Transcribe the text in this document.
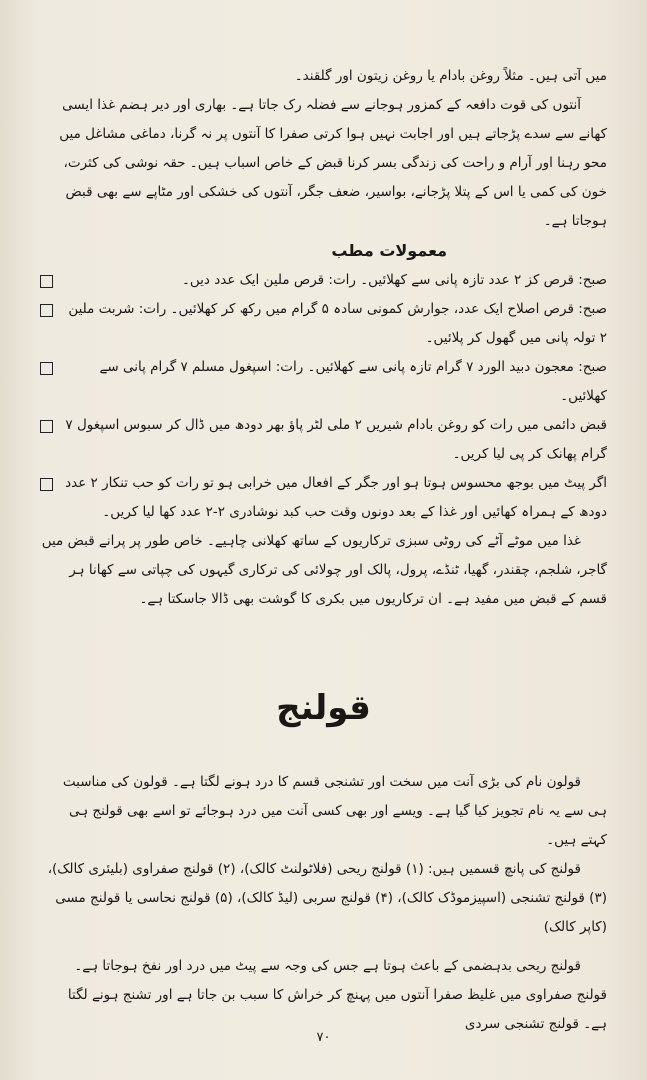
میں آتی ہیں۔ مثلاً روغن بادام یا روغن زیتون اور گلقند۔

آنتوں کی قوت دافعہ کے کمزور ہوجانے سے فضلہ رک جاتا ہے۔ بھاری اور دیر ہضم غذا ایسی کھانے سے سدے پڑجاتے ہیں اور اجابت نہیں ہوا کرتی صفرا کا آنتوں پر نہ گرنا، دماغی مشاغل میں محو رہنا اور آرام و راحت کی زندگی بسر کرنا قبض کے خاص اسباب ہیں۔ حقہ نوشی کی کثرت، خون کی کمی یا اس کے پتلا پڑجانے، بواسیر، ضعف جگر، آنتوں کی خشکی اور مٹاپے سے بھی قبض ہوجاتا ہے۔

معمولات مطب

صبح: قرص کز ۲ عدد تازہ پانی سے کھلائیں۔ رات: قرص ملین ایک عدد دیں۔
صبح: قرص اصلاح ایک عدد، جوارش کمونی سادہ ۵ گرام میں رکھ کر کھلائیں۔ رات: شربت ملین ۲ تولہ پانی میں گھول کر پلائیں۔
صبح: معجون دبید الورد ۷ گرام تازہ پانی سے کھلائیں۔ رات: اسپغول مسلم ۷ گرام پانی سے کھلائیں۔
قبض دائمی میں رات کو روغن بادام شیریں ۲ ملی لٹر پاؤ بھر دودھ میں ڈال کر سبوس اسپغول ۷ گرام پھانک کر پی لیا کریں۔
اگر پیٹ میں بوجھ محسوس ہوتا ہو اور جگر کے افعال میں خرابی ہو تو رات کو حب تنکار ۲ عدد دودھ کے ہمراہ کھائیں اور غذا کے بعد دونوں وقت حب کبد نوشادری ۲-۲ عدد کھا لیا کریں۔

غذا میں موٹے آٹے کی روٹی سبزی ترکاریوں کے ساتھ کھلانی چاہیے۔ خاص طور پر پرانے قبض میں گاجر، شلجم، چقندر، گھیا، ٹنڈے، پرول، پالک اور چولائی کی ترکاری گیہوں کی چپاتی سے کھانا ہر قسم کے قبض میں مفید ہے۔ ان ترکاریوں میں بکری کا گوشت بھی ڈالا جاسکتا ہے۔

قولنج

قولون نام کی بڑی آنت میں سخت اور تشنجی قسم کا درد ہونے لگتا ہے۔ قولون کی مناسبت ہی سے یہ نام تجویز کیا گیا ہے۔ ویسے اور بھی کسی آنت میں درد ہوجائے تو اسے بھی قولنج ہی کہتے ہیں۔

قولنج کی پانچ قسمیں ہیں: (۱) قولنج ریحی (فلاٹولنٹ کالک)، (۲) قولنج صفراوی (بلیئری کالک)، (۳) قولنج تشنجی (اسپیزموڈک کالک)، (۴) قولنج سربی (لیڈ کالک)، (۵) قولنج نحاسی یا قولنج مسی (کاپر کالک)

قولنج ریحی بدہضمی کے باعث ہوتا ہے جس کی وجہ سے پیٹ میں درد اور نفخ ہوجاتا ہے۔ قولنج صفراوی میں غلیظ صفرا آنتوں میں پہنچ کر خراش کا سبب بن جاتا ہے اور تشنج ہونے لگتا ہے۔ قولنج تشنجی سردی

۷۰
